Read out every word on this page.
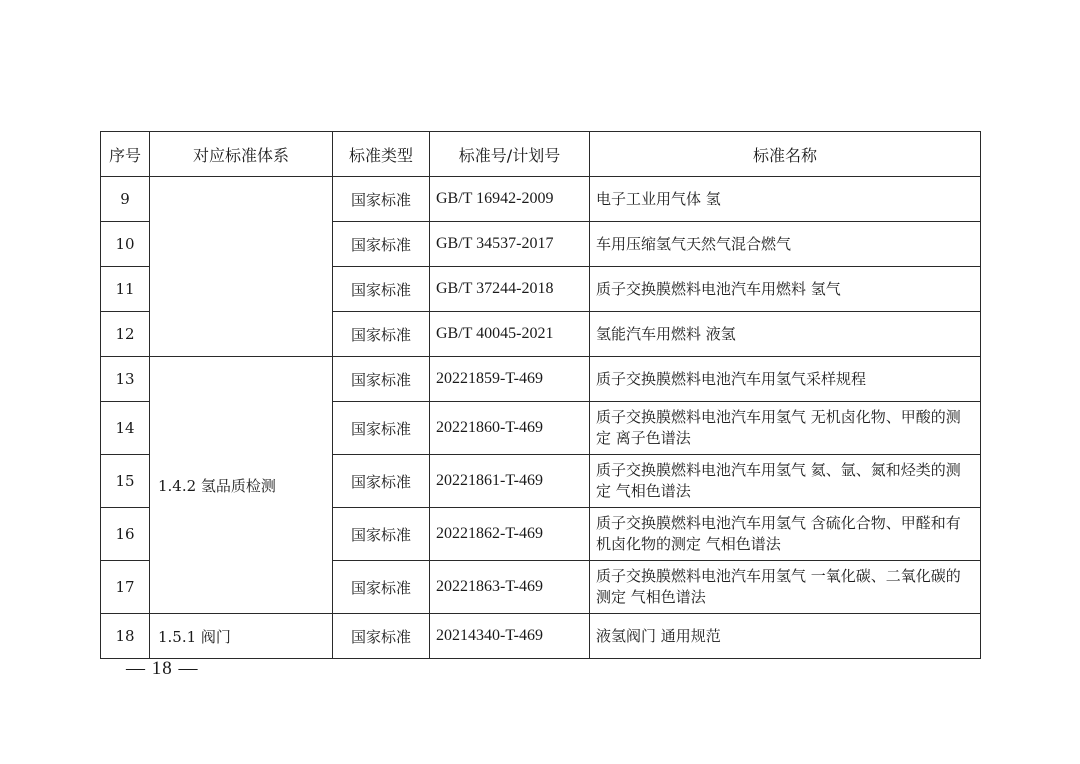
序号	对应标准体系	标准类型	标准号/计划号	标准名称
9		国家标准	GB/T 16942-2009	电子工业用气体 氢
10		国家标准	GB/T 34537-2017	车用压缩氢气天然气混合燃气
11		国家标准	GB/T 37244-2018	质子交换膜燃料电池汽车用燃料 氢气
12		国家标准	GB/T 40045-2021	氢能汽车用燃料 液氢
13	1.4.2 氢品质检测	国家标准	20221859-T-469	质子交换膜燃料电池汽车用氢气采样规程
14		国家标准	20221860-T-469	质子交换膜燃料电池汽车用氢气 无机卤化物、甲酸的测定 离子色谱法
15		国家标准	20221861-T-469	质子交换膜燃料电池汽车用氢气 氦、氩、氮和烃类的测定 气相色谱法
16		国家标准	20221862-T-469	质子交换膜燃料电池汽车用氢气 含硫化合物、甲醛和有机卤化物的测定 气相色谱法
17		国家标准	20221863-T-469	质子交换膜燃料电池汽车用氢气 一氧化碳、二氧化碳的测定 气相色谱法
18	1.5.1 阀门	国家标准	20214340-T-469	液氢阀门 通用规范
— 18 —
